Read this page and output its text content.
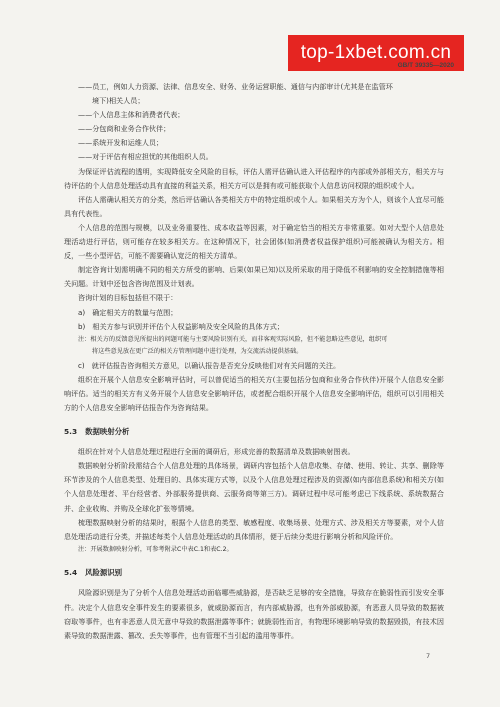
top-1xbet.com.cn
GB/T 39335—2020
——员工，例如人力资源、法律、信息安全、财务、业务运营职能、通信与内部审计(尤其是在监管环
境下)相关人员；
——个人信息主体和消费者代表；
——分包商和业务合作伙伴；
——系统开发和运维人员；
——对于评估有相应担忧的其他组织人员。
为保证评估流程的透明，实现降低安全风险的目标，评估人需评估确认进入评估程序的内部或外部相关方，相关方与待评估的个人信息处理活动具有直接的利益关系，相关方可以是拥有或可能获取个人信息访问权限的组织或个人。
评估人需确认相关方的分类，然后评估确认各类相关方中的特定组织或个人。如果相关方为个人，则该个人宜尽可能具有代表性。
个人信息的范围与规模，以及业务重要性、成本收益等因素，对于确定恰当的相关方非常重要。如对大型个人信息处理活动进行评估，则可能存在较多相关方。在这种情况下，社会团体(如消费者权益保护组织)可能被确认为相关方。相反，一些小型评估，可能不需要确认宽泛的相关方清单。
制定咨询计划需明确不同的相关方所受的影响、后果(如果已知)以及所采取的用于降低不利影响的安全控制措施等相关问题。计划中还包含咨询范围及计划表。
咨询计划的目标包括但不限于：
a)　确定相关方的数量与范围；
b)　相关方参与识别并评估个人权益影响及安全风险的具体方式；
注：相关方的反馈意见所提出的问题可能与主要风险识别有关，而非客观实际风险，但不能忽略这些意见，组织可
将这些意见放在更广泛的相关方管理问题中进行处理，为交流活动提供基础。
c)　就评估报告咨询相关方意见，以确认报告是否充分反映他们对有关问题的关注。
组织在开展个人信息安全影响评估时，可以曾促适当的相关方(主要包括分包商和业务合作伙伴)开展个人信息安全影响评估。适当的相关方有义务开展个人信息安全影响评估，或者配合组织开展个人信息安全影响评估，组织可以引用相关方的个人信息安全影响评估报告作为咨询结果。
5.3 数据映射分析
组织在针对个人信息处理过程进行全面的调研后，形成完善的数据清单及数据映射图表。
数据映射分析阶段需结合个人信息处理的具体场景，调研内容包括个人信息收集、存储、使用、转让、共享、删除等环节涉及的个人信息类型、处理目的、具体实现方式等，以及个人信息处理过程涉及的资源(如内部信息系统)和相关方(如个人信息处理者、平台经营者、外部服务提供商、云服务商等第三方)。调研过程中尽可能考虑已下线系统、系统数据合并、企业收购、并购及全球化扩张等情境。
梳理数据映射分析的结果时，根据个人信息的类型、敏感程度、收集场景、处理方式、涉及相关方等要素，对个人信息处理活动进行分类，并描述每类个人信息处理活动的具体情形，便于后续分类进行影响分析和风险评价。
注：开展数据映射分析，可参考附录C中表C.1和表C.2。
5.4 风险源识别
风险源识别是为了分析个人信息处理活动面临哪些威胁源，是否缺乏足够的安全措施，导致存在脆弱性而引发安全事件。决定个人信息安全事件发生的要素很多，就威胁源而言，有内部威胁源，也有外部威胁源，有恶意人员导致的数据被窃取等事件，也有非恶意人员无意中导致的数据泄露等事件；就脆弱性而言，有物理环境影响导致的数据毁损，有技术因素导致的数据泄露、篡改、丢失等事件，也有管理不当引起的滥用等事件。
7
